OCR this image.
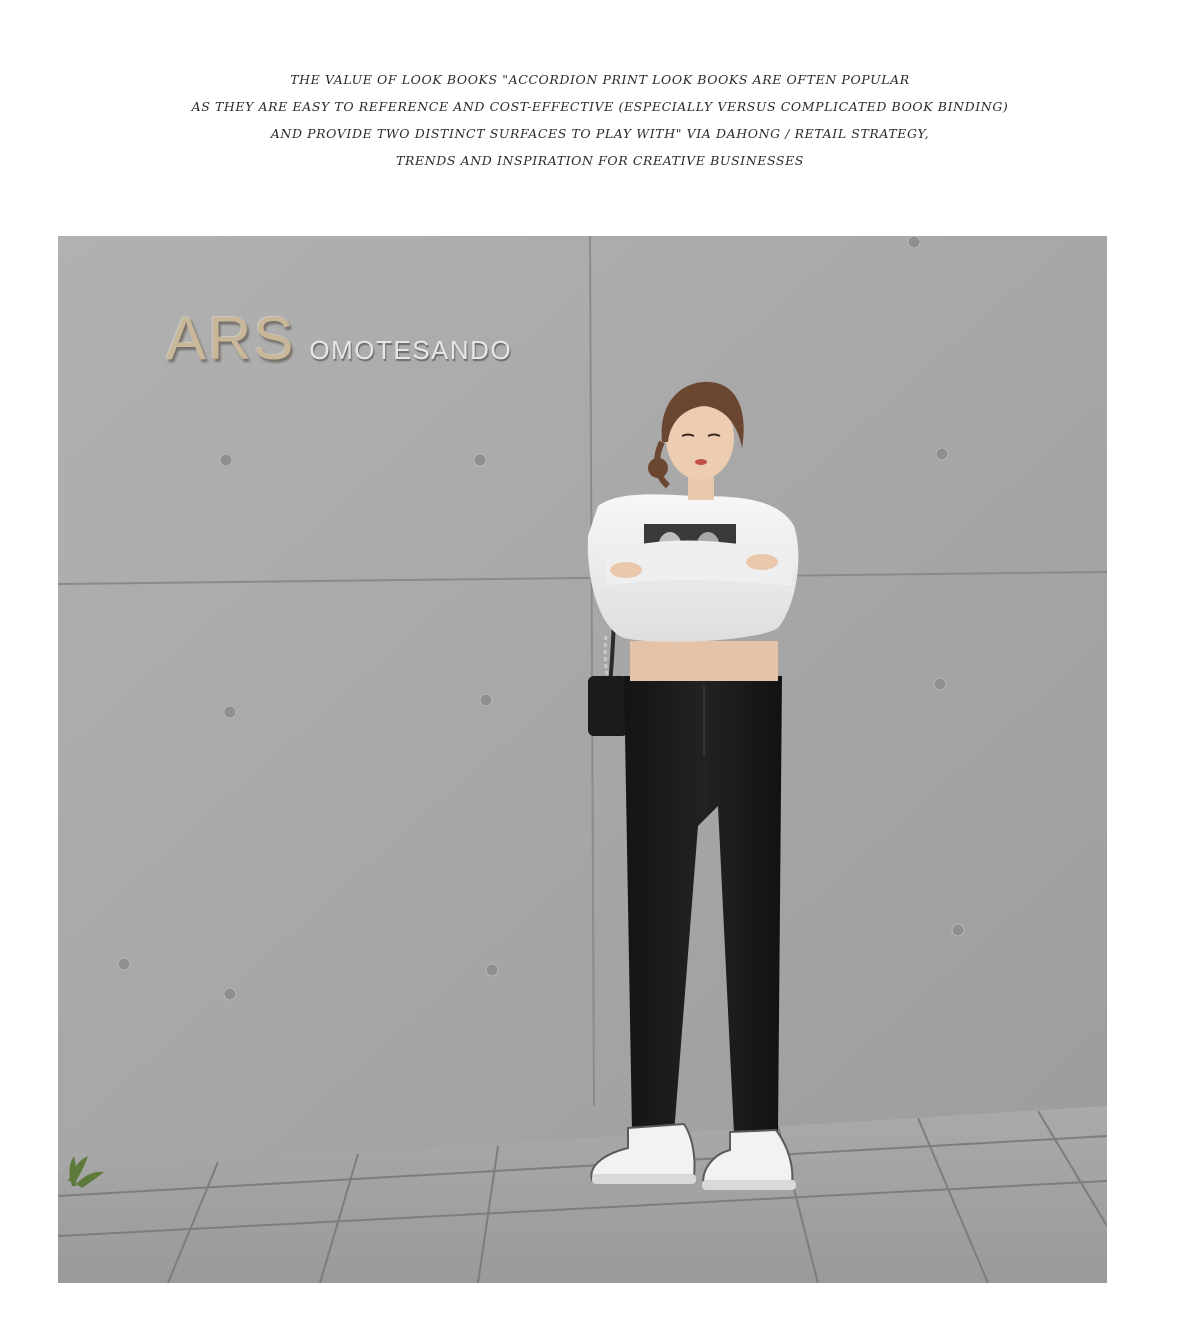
THE VALUE OF LOOK BOOKS "ACCORDION PRINT LOOK BOOKS ARE OFTEN POPULAR
AS THEY ARE EASY TO REFERENCE AND COST-EFFECTIVE (ESPECIALLY VERSUS COMPLICATED BOOK BINDING)
AND PROVIDE TWO DISTINCT SURFACES TO PLAY WITH" VIA DAHONG / RETAIL STRATEGY,
TRENDS AND INSPIRATION FOR CREATIVE BUSINESSES
ARS OMOTESANDO
